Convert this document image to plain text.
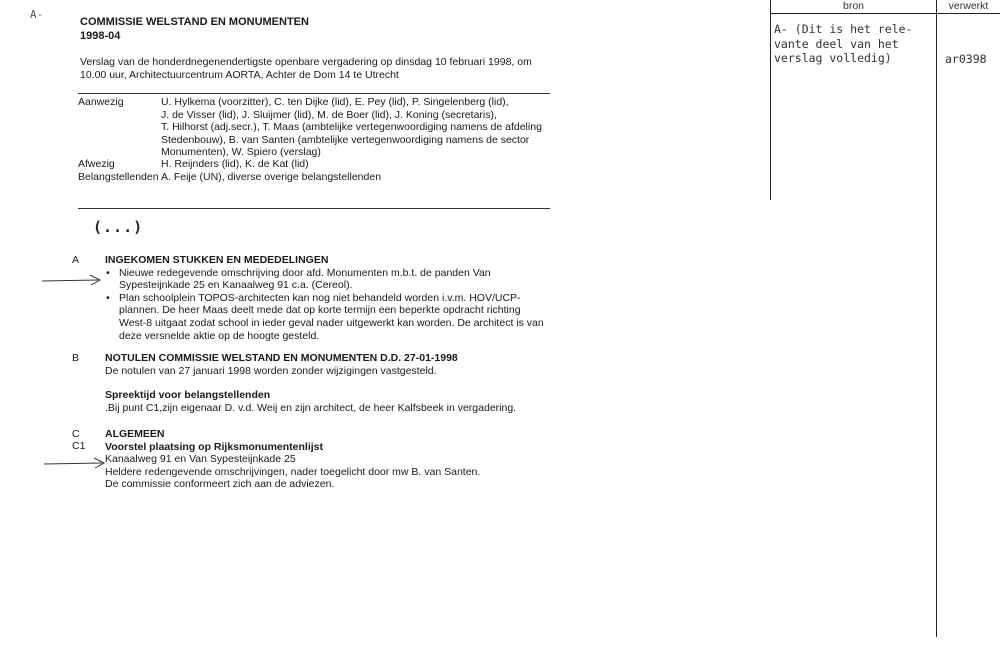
A-
COMMISSIE WELSTAND EN MONUMENTEN
1998-04
Verslag van de honderdnegenendertigste openbare vergadering op dinsdag 10 februari 1998, om
10.00 uur, Architectuurcentrum AORTA, Achter de Dom 14 te Utrecht
Aanwezig	U. Hylkema (voorzitter), C. ten Dijke (lid), E. Pey (lid), P. Singelenberg (lid),
J. de Visser (lid), J. Sluijmer (lid), M. de Boer (lid), J. Koning (secretaris),
T. Hilhorst (adj.secr.), T. Maas (ambtelijke vertegenwoordiging namens de afdeling
Stedenbouw), B. van Santen (ambtelijke vertegenwoordiging namens de sector
Monumenten), W. Spiero (verslag)
Afwezig	H. Reijnders (lid), K. de Kat (lid)
Belangstellenden A. Feije (UN), diverse overige belangstellenden
(...)
A INGEKOMEN STUKKEN EN MEDEDELINGEN
• Nieuwe redegevende omschrijving door afd. Monumenten m.b.t. de panden Van
Sypesteijnkade 25 en Kanaalweg 91 c.a. (Cereol).
• Plan schoolplein TOPOS-architecten kan nog niet behandeld worden i.v.m. HOV/UCP-
plannen. De heer Maas deelt mede dat op korte termijn een beperkte opdracht richting
West-8 uitgaat zodat school in ieder geval nader uitgewerkt kan worden. De architect is van
deze versnelde aktie op de hoogte gesteld.
B NOTULEN COMMISSIE WELSTAND EN MONUMENTEN D.D. 27-01-1998
De notulen van 27 januari 1998 worden zonder wijzigingen vastgesteld.
Spreektijd voor belangstellenden
.Bij punt C1,zijn eigenaar D. v.d. Weij en zijn architect, de heer Kalfsbeek in vergadering.
C
C1
ALGEMEEN
Voorstel plaatsing op Rijksmonumentenlijst
Kanaalweg 91 en Van Sypesteijnkade 25
Heldere redengevende omschrijvingen, nader toegelicht door mw B. van Santen.
De commissie conformeert zich aan de adviezen.
bron	verwerkt
A- (Dit is het rele-
vante deel van het
verslag volledig)	ar0398
